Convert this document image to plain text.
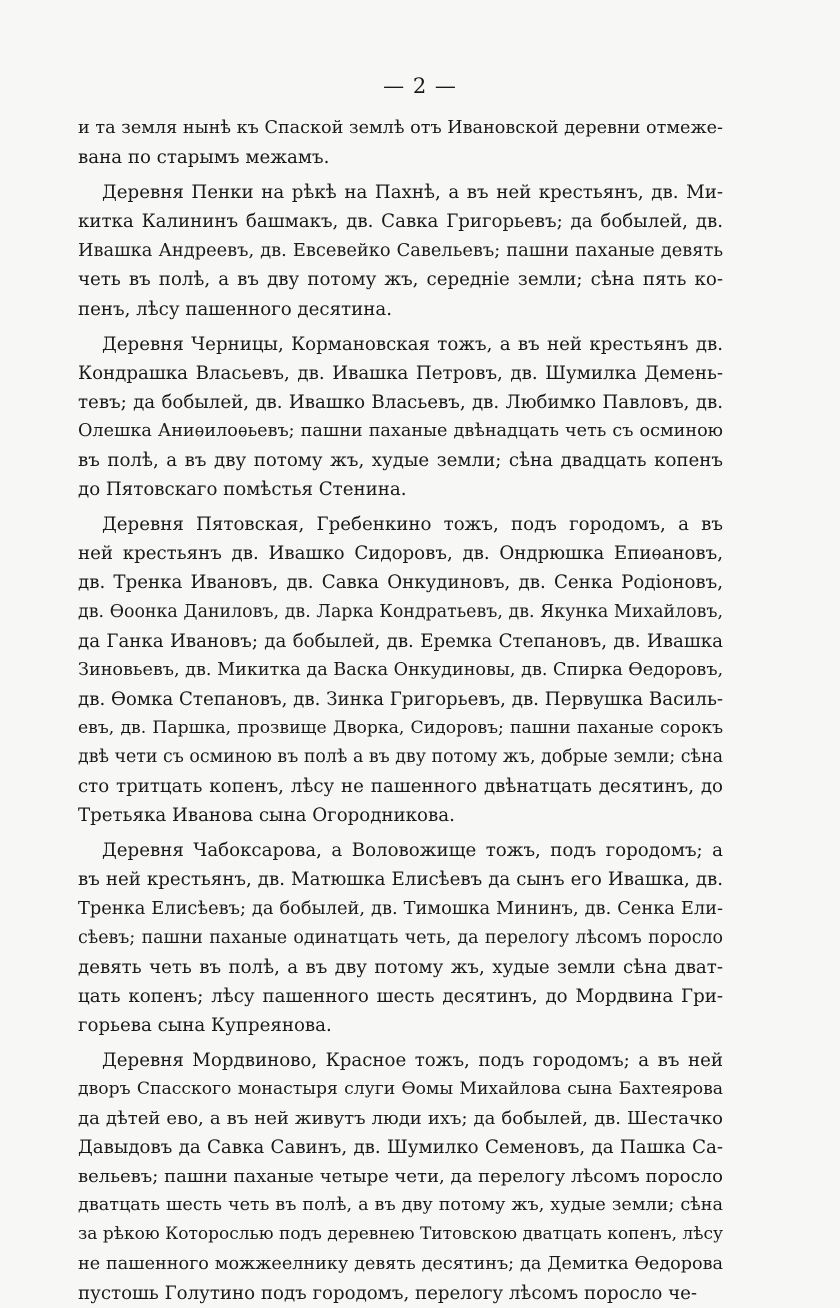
— 2 —
и та земля нынѣ къ Спаской землѣ отъ Ивановской деревни отмеже-
вана по старымъ межамъ.
Деревня Пенки на рѣкѣ на Пахнѣ, а въ ней крестьянъ, дв. Ми-
китка Калининъ башмакъ, дв. Савка Григорьевъ; да бобылей, дв.
Ивашка Андреевъ, дв. Евсевейко Савельевъ; пашни паханые девять
четь въ полѣ, а въ дву потому жъ, середніе земли; сѣна пять ко-
пенъ, лѣсу пашенного десятина.
Деревня Черницы, Кормановская тожъ, а въ ней крестьянъ дв.
Кондрашка Власьевъ, дв. Ивашка Петровъ, дв. Шумилка Демень-
тевъ; да бобылей, дв. Ивашко Власьевъ, дв. Любимко Павловъ, дв.
Олешка Аниѳилоѳьевъ; пашни паханые двѣнадцать четь съ осминою
въ полѣ, а въ дву потому жъ, худые земли; сѣна двадцать копенъ
до Пятовскаго помѣстья Стенина.
Деревня Пятовская, Гребенкино тожъ, подъ городомъ, а въ
ней крестьянъ дв. Ивашко Сидоровъ, дв. Ондрюшка Епиѳановъ,
дв. Тренка Ивановъ, дв. Савка Онкудиновъ, дв. Сенка Родіоновъ,
дв. Ѳоонка Даниловъ, дв. Ларка Кондратьевъ, дв. Якунка Михайловъ,
да Ганка Ивановъ; да бобылей, дв. Еремка Степановъ, дв. Ивашка
Зиновьевъ, дв. Микитка да Васка Онкудиновы, дв. Спирка Ѳедоровъ,
дв. Ѳомка Степановъ, дв. Зинка Григорьевъ, дв. Первушка Василь-
евъ, дв. Паршка, прозвище Дворка, Сидоровъ; пашни паханые сорокъ
двѣ чети съ осминою въ полѣ а въ дву потому жъ, добрые земли; сѣна
сто тритцать копенъ, лѣсу не пашенного двѣнатцать десятинъ, до
Третьяка Иванова сына Огородникова.
Деревня Чабоксарова, а Воловожище тожъ, подъ городомъ; а
въ ней крестьянъ, дв. Матюшка Елисѣевъ да сынъ его Ивашка, дв.
Тренка Елисѣевъ; да бобылей, дв. Тимошка Мининъ, дв. Сенка Ели-
сѣевъ; пашни паханые одинатцать четь, да перелогу лѣсомъ поросло
девять четь въ полѣ, а въ дву потому жъ, худые земли сѣна дват-
цать копенъ; лѣсу пашенного шесть десятинъ, до Мордвина Гри-
горьева сына Купреянова.
Деревня Мордвиново, Красное тожъ, подъ городомъ; а въ ней
дворъ Спасского монастыря слуги Ѳомы Михайлова сына Бахтеярова
да дѣтей ево, а въ ней живутъ люди ихъ; да бобылей, дв. Шестачко
Давыдовъ да Савка Савинъ, дв. Шумилко Семеновъ, да Пашка Са-
вельевъ; пашни паханые четыре чети, да перелогу лѣсомъ поросло
дватцать шесть четь въ полѣ, а въ дву потому жъ, худые земли; сѣна
за рѣкою Которослью подъ деревнею Титовскою дватцать копенъ, лѣсу
не пашенного можжеелнику девять десятинъ; да Демитка Ѳедорова
пустошь Голутино подъ городомъ, перелогу лѣсомъ поросло че-
